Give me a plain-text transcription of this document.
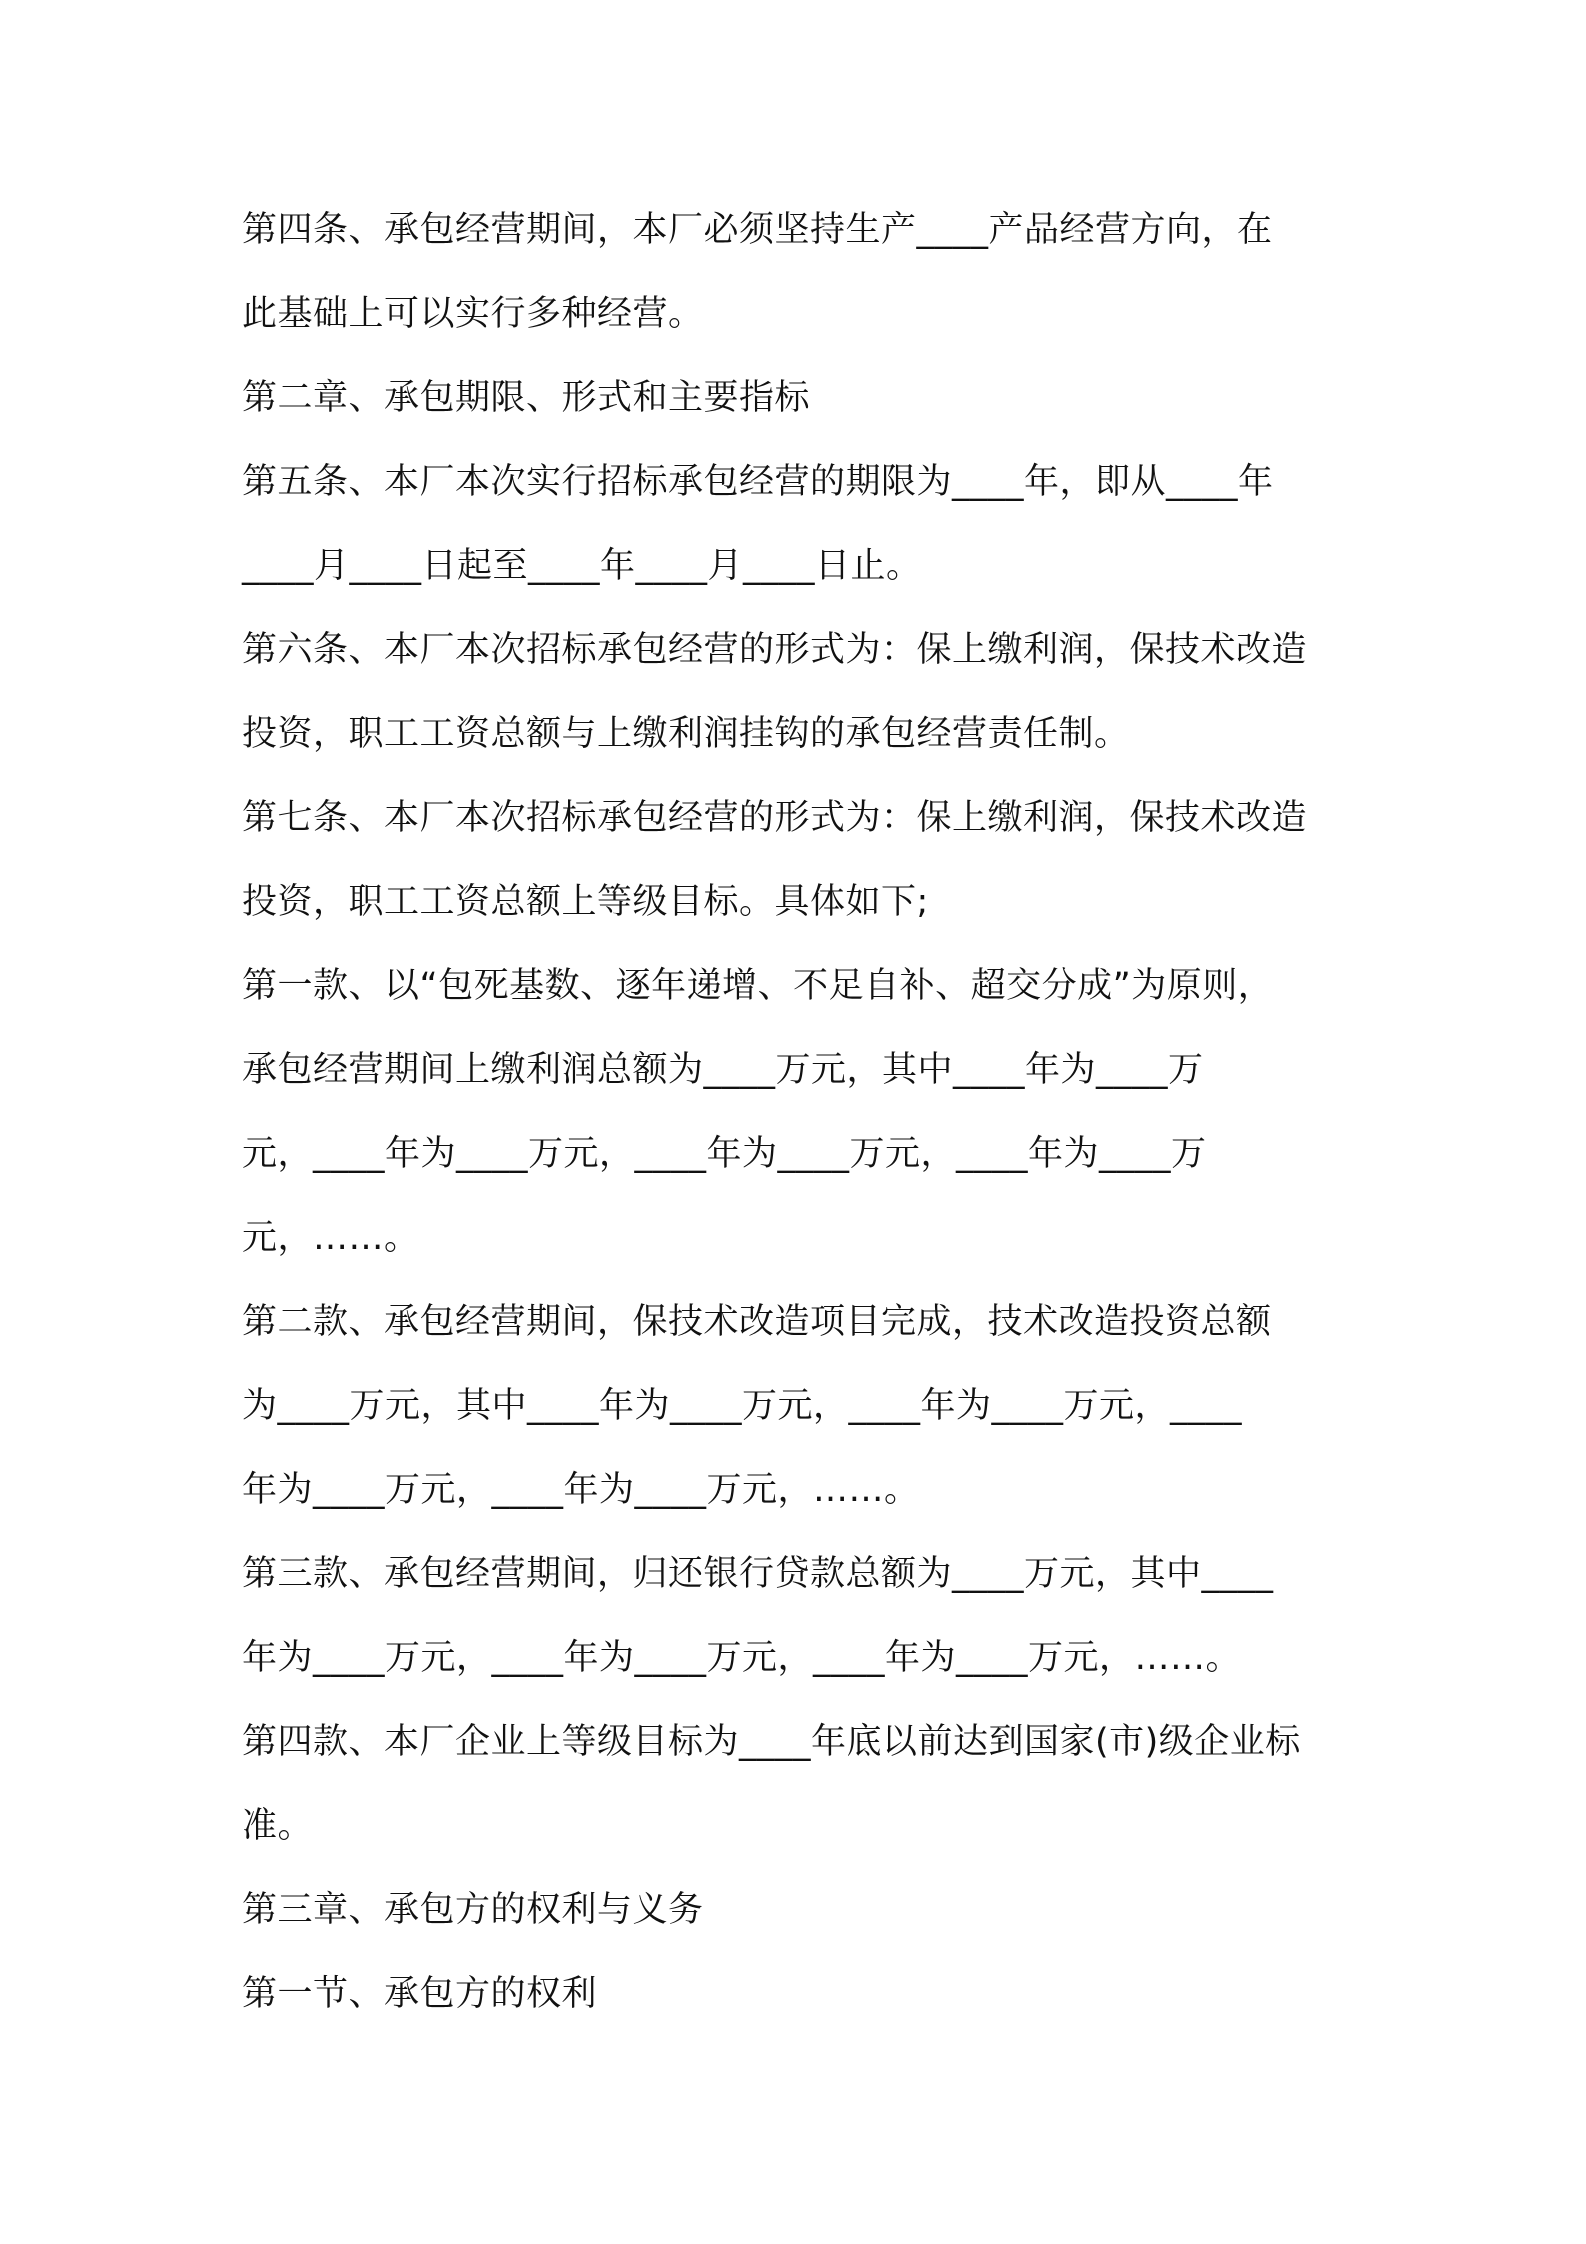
第四条、承包经营期间，本厂必须坚持生产____产品经营方向，在
此基础上可以实行多种经营。
第二章、承包期限、形式和主要指标
第五条、本厂本次实行招标承包经营的期限为____年，即从____年
____月____日起至____年____月____日止。
第六条、本厂本次招标承包经营的形式为：保上缴利润，保技术改造
投资，职工工资总额与上缴利润挂钩的承包经营责任制。
第七条、本厂本次招标承包经营的形式为：保上缴利润，保技术改造
投资，职工工资总额上等级目标。具体如下;
第一款、以“包死基数、逐年递增、不足自补、超交分成”为原则，
承包经营期间上缴利润总额为____万元，其中____年为____万
元，____年为____万元，____年为____万元，____年为____万
元，……。
第二款、承包经营期间，保技术改造项目完成，技术改造投资总额
为____万元，其中____年为____万元，____年为____万元，____
年为____万元，____年为____万元，……。
第三款、承包经营期间，归还银行贷款总额为____万元，其中____
年为____万元，____年为____万元，____年为____万元，……。
第四款、本厂企业上等级目标为____年底以前达到国家(市)级企业标
准。
第三章、承包方的权利与义务
第一节、承包方的权利
